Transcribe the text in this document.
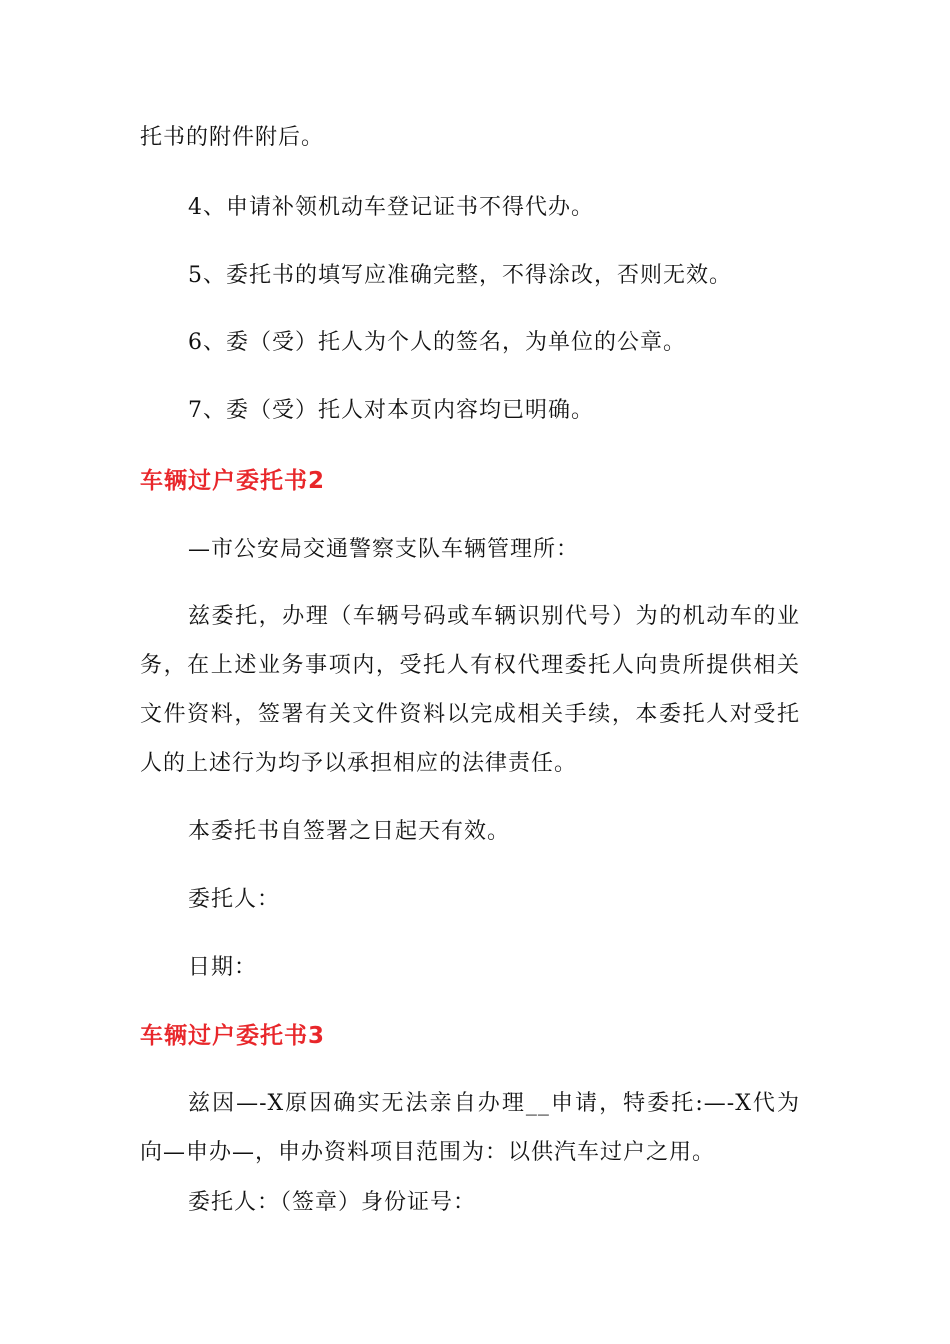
托书的附件附后。
4、申请补领机动车登记证书不得代办。
5、委托书的填写应准确完整，不得涂改，否则无效。
6、委（受）托人为个人的签名，为单位的公章。
7、委（受）托人对本页内容均已明确。
车辆过户委托书2
—市公安局交通警察支队车辆管理所：
兹委托，办理（车辆号码或车辆识别代号）为的机动车的业
务，在上述业务事项内，受托人有权代理委托人向贵所提供相关
文件资料，签署有关文件资料以完成相关手续，本委托人对受托
人的上述行为均予以承担相应的法律责任。
本委托书自签署之日起天有效。
委托人：
日期：
车辆过户委托书3
兹因—-X原因确实无法亲自办理__申请，特委托:—-X代为
向—申办—，申办资料项目范围为：以供汽车过户之用。
委托人：（签章）身份证号：
